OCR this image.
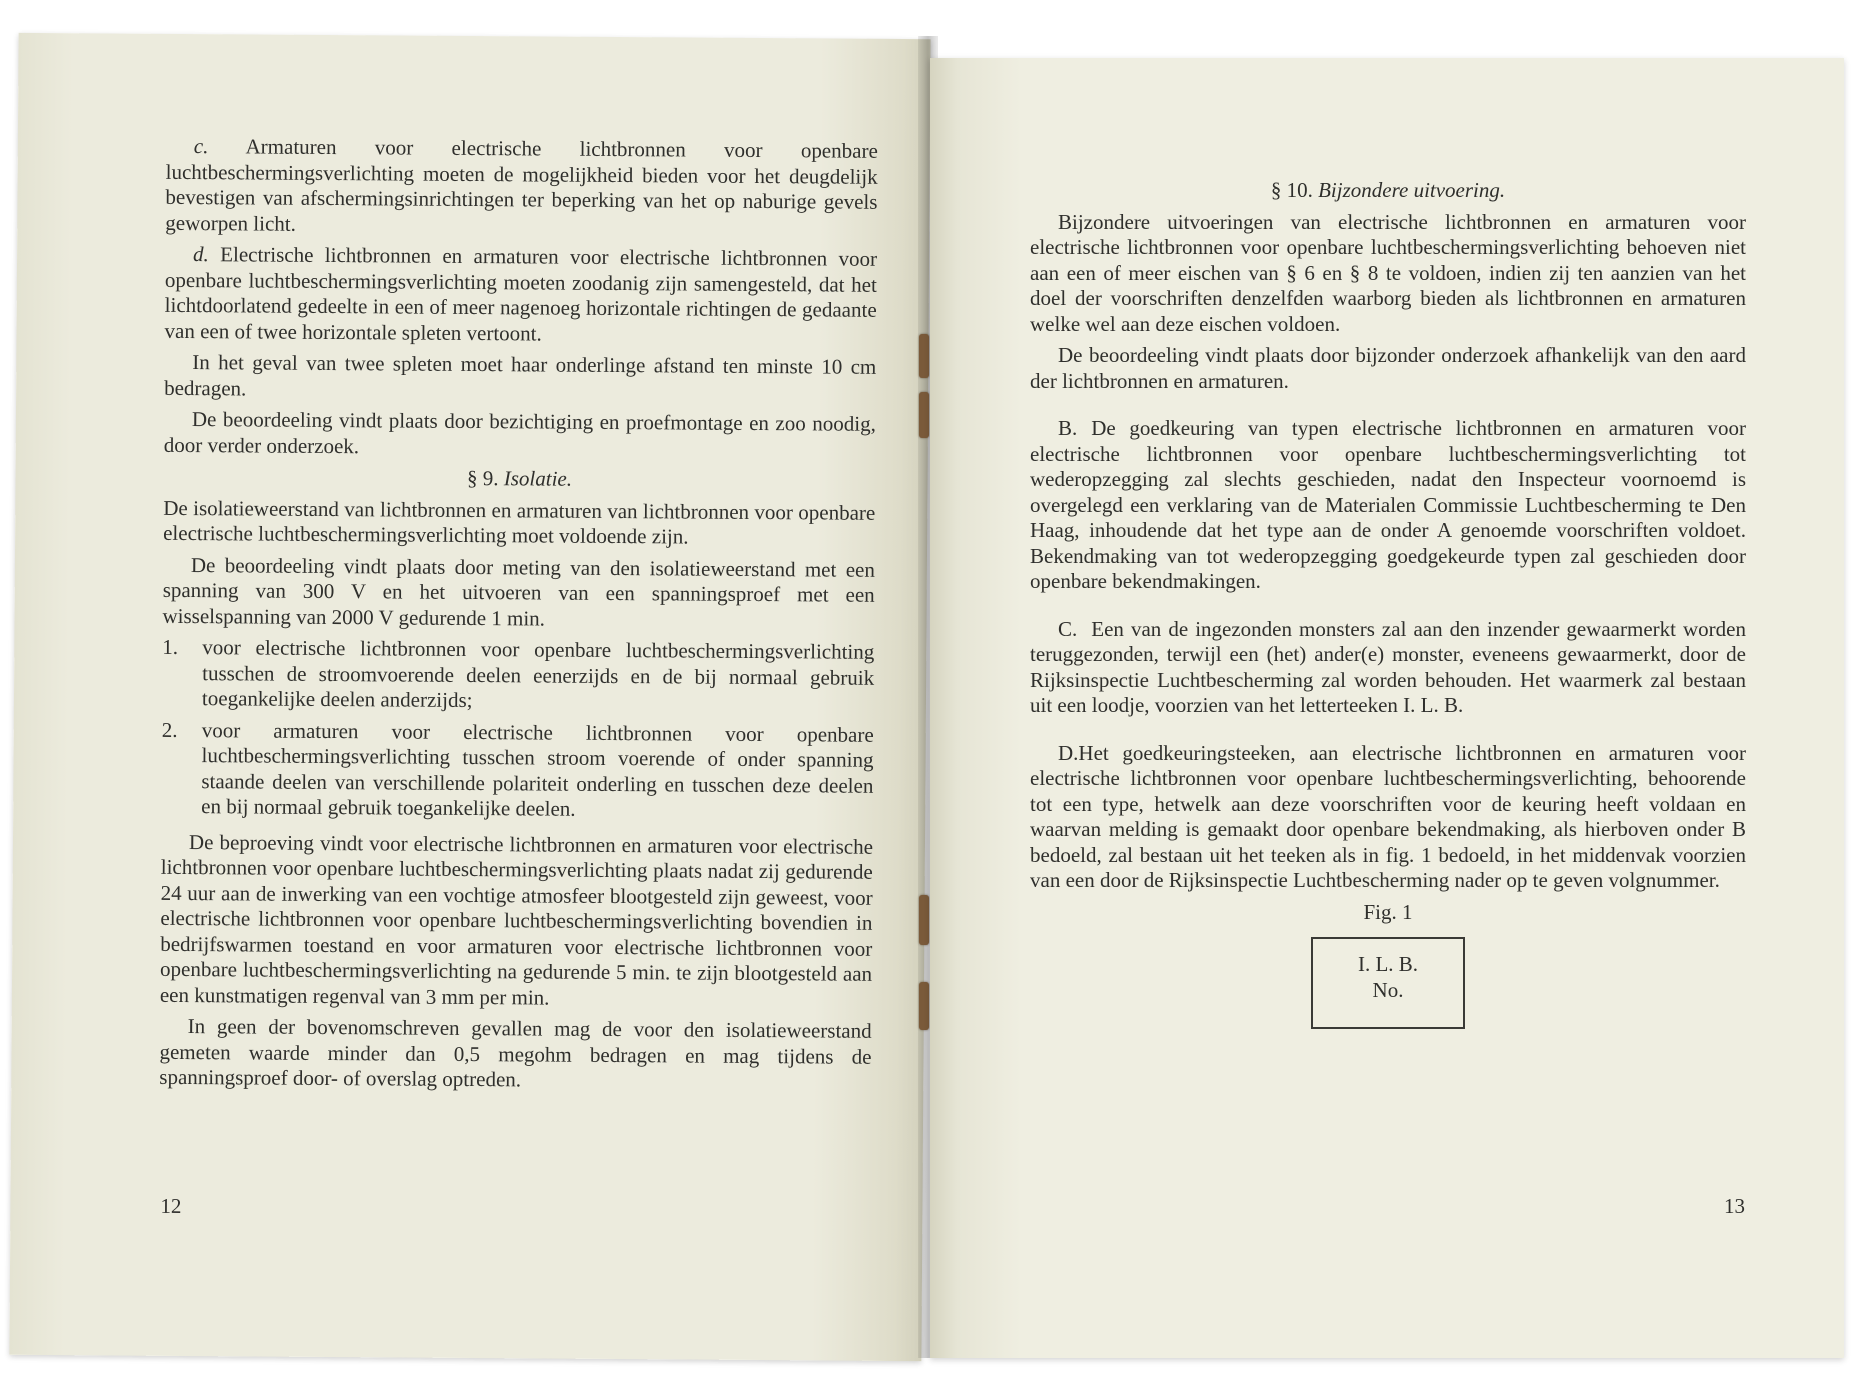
c. Armaturen voor electrische lichtbronnen voor openbare luchtbeschermingsverlichting moeten de mogelijkheid bieden voor het deugdelijk bevestigen van afschermingsinrichtingen ter beperking van het op naburige gevels geworpen licht.

d. Electrische lichtbronnen en armaturen voor electrische lichtbronnen voor openbare luchtbeschermingsverlichting moeten zoodanig zijn samengesteld, dat het lichtdoorlatend gedeelte in een of meer nagenoeg horizontale richtingen de gedaante van een of twee horizontale spleten vertoont.

In het geval van twee spleten moet haar onderlinge afstand ten minste 10 cm bedragen.

De beoordeeling vindt plaats door bezichtiging en proefmontage en zoo noodig, door verder onderzoek.

§ 9. Isolatie.

De isolatieweerstand van lichtbronnen en armaturen van lichtbronnen voor openbare electrische luchtbeschermingsverlichting moet voldoende zijn.

De beoordeeling vindt plaats door meting van den isolatieweerstand met een spanning van 300 V en het uitvoeren van een spanningsproef met een wisselspanning van 2000 V gedurende 1 min.

1.	voor electrische lichtbronnen voor openbare luchtbeschermingsverlichting tusschen de stroomvoerende deelen eenerzijds en de bij normaal gebruik toegankelijke deelen anderzijds;
2.	voor armaturen voor electrische lichtbronnen voor openbare luchtbeschermingsverlichting tusschen stroom voerende of onder spanning staande deelen van verschillende polariteit onderling en tusschen deze deelen en bij normaal gebruik toegankelijke deelen.

De beproeving vindt voor electrische lichtbronnen en armaturen voor electrische lichtbronnen voor openbare luchtbeschermingsverlichting plaats nadat zij gedurende 24 uur aan de inwerking van een vochtige atmosfeer blootgesteld zijn geweest, voor electrische lichtbronnen voor openbare luchtbeschermingsverlichting bovendien in bedrijfswarmen toestand en voor armaturen voor electrische lichtbronnen voor openbare luchtbeschermingsverlichting na gedurende 5 min. te zijn blootgesteld aan een kunstmatigen regenval van 3 mm per min.

In geen der bovenomschreven gevallen mag de voor den isolatieweerstand gemeten waarde minder dan 0,5 megohm bedragen en mag tijdens de spanningsproef door- of overslag optreden.

12
§ 10. Bijzondere uitvoering.

Bijzondere uitvoeringen van electrische lichtbronnen en armaturen voor electrische lichtbronnen voor openbare luchtbeschermingsverlichting behoeven niet aan een of meer eischen van § 6 en § 8 te voldoen, indien zij ten aanzien van het doel der voorschriften denzelfden waarborg bieden als lichtbronnen en armaturen welke wel aan deze eischen voldoen.

De beoordeeling vindt plaats door bijzonder onderzoek afhankelijk van den aard der lichtbronnen en armaturen.

B. De goedkeuring van typen electrische lichtbronnen en armaturen voor electrische lichtbronnen voor openbare luchtbeschermingsverlichting tot wederopzegging zal slechts geschieden, nadat den Inspecteur voornoemd is overgelegd een verklaring van de Materialen Commissie Luchtbescherming te Den Haag, inhoudende dat het type aan de onder A genoemde voorschriften voldoet. Bekendmaking van tot wederopzegging goedgekeurde typen zal geschieden door openbare bekendmakingen.

C. Een van de ingezonden monsters zal aan den inzender gewaarmerkt worden teruggezonden, terwijl een (het) ander(e) monster, eveneens gewaarmerkt, door de Rijksinspectie Luchtbescherming zal worden behouden. Het waarmerk zal bestaan uit een loodje, voorzien van het letterteeken I. L. B.

D.Het goedkeuringsteeken, aan electrische lichtbronnen en armaturen voor electrische lichtbronnen voor openbare luchtbeschermingsverlichting, behoorende tot een type, hetwelk aan deze voorschriften voor de keuring heeft voldaan en waarvan melding is gemaakt door openbare bekendmaking, als hierboven onder B bedoeld, zal bestaan uit het teeken als in fig. 1 bedoeld, in het middenvak voorzien van een door de Rijksinspectie Luchtbescherming nader op te geven volgnummer.

Fig. 1
I. L. B.
No.
13
